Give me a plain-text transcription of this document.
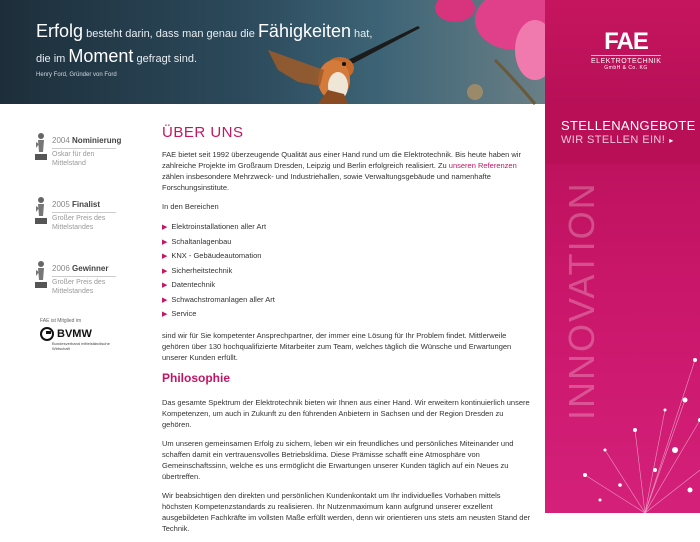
Erfolg besteht darin, dass man genau die Fähigkeiten hat,
die im Moment gefragt sind.
Henry Ford, Gründer von Ford
FAE
ELEKTROTECHNIK
GmbH & Co. KG
STELLENANGEBOTE
WIR STELLEN EIN! ▸
INNOVATION
2004 Nominierung
Oskar für den Mittelstand
2005 Finalist
Großer Preis des Mittelstandes
2006 Gewinner
Großer Preis des Mittelstandes
FAE ist Mitglied im
BVMW
Bundesverband mittelständische Wirtschaft
ÜBER UNS

FAE bietet seit 1992 überzeugende Qualität aus einer Hand rund um die Elektrotechnik. Bis heute haben wir zahlreiche Projekte im Großraum Dresden, Leipzig und Berlin erfolgreich realisiert. Zu unseren Referenzen zählen insbesondere Mehrzweck- und Industriehallen, sowie Verwaltungsgebäude und namenhafte Forschungsinstitute.

In den Bereichen

▶ Elektroinstallationen aller Art
▶ Schaltanlagenbau
▶ KNX - Gebäudeautomation
▶ Sicherheitstechnik
▶ Datentechnik
▶ Schwachstromanlagen aller Art
▶ Service

sind wir für Sie kompetenter Ansprechpartner, der immer eine Lösung für Ihr Problem findet. Mittlerweile gehören über 130 hochqualifizierte Mitarbeiter zum Team, welches täglich die Wünsche und Erwartungen unserer Kunden erfüllt.

Philosophie

Das gesamte Spektrum der Elektrotechnik bieten wir Ihnen aus einer Hand. Wir erweitern kontinuierlich unsere Kompetenzen, um auch in Zukunft zu den führenden Anbietern in Sachsen und der Region Dresden zu gehören.

Um unseren gemeinsamen Erfolg zu sichern, leben wir ein freundliches und persönliches Miteinander und schaffen damit ein vertrauensvolles Betriebsklima. Diese Prämisse schafft eine Atmosphäre von Gemeinschaftssinn, welche es uns ermöglicht die Erwartungen unserer Kunden täglich auf ein Neues zu übertreffen.

Wir beabsichtigen den direkten und persönlichen Kundenkontakt um Ihr individuelles Vorhaben mittels höchsten Kompetenzstandards zu realisieren. Ihr Nutzenmaximum kann aufgrund unserer exzellent ausgebildeten Fachkräfte im vollsten Maße erfüllt werden, denn wir orientieren uns stets am neusten Stand der Technik.
